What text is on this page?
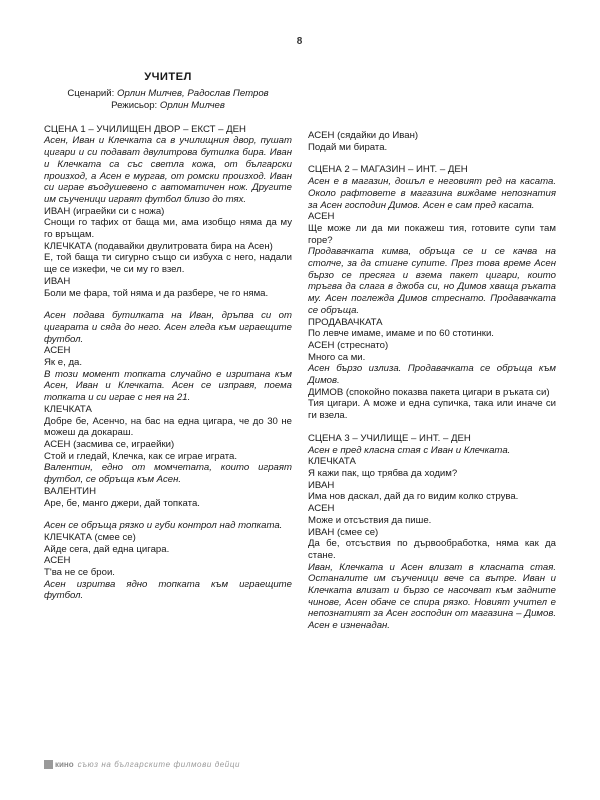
8
УЧИТЕЛ
Сценарий: Орлин Милчев, Радослав Петров
Режисьор: Орлин Милчев

СЦЕНА 1 – УЧИЛИЩЕН ДВОР – ЕКСТ – ДЕН

Асен, Иван и Клечката са в училищния двор, пушат цигари и си подават двулитрова бутилка бира. Иван и Клечката са със светла кожа, от български произход, а Асен е мургав, от ромски произход. Иван си играе въодушевено с автоматичен нож. Другите им съученици играят футбол близо до тях.

ИВАН (играейки си с ножа)

Снощи го тафих от баща ми, ама изобщо няма да му го връщам.

КЛЕЧКАТА (подавайки двулитровата бира на Асен)

Е, той баща ти сигурно също си избуха с него, надали ще се изкефи, че си му го взел.

ИВАН

Боли ме фара, той няма и да разбере, че го няма.

Асен подава бутилката на Иван, дръпва си от цигарата и сяда до него. Асен гледа към играещите футбол.

АСЕН

Як е, да.

В този момент топката случайно е изритана към Асен, Иван и Клечката. Асен се изправя, поема топката и си играе с нея на 21.

КЛЕЧКАТА

Добре бе, Асенчо, на бас на една цигара, че до 30 не можеш да докараш.

АСЕН (засмива се, играейки)

Стой и гледай, Клечка, как се играе играта.

Валентин, едно от момчетата, които играят футбол, се обръща към Асен.

ВАЛЕНТИН

Аре, бе, манго джери, дай топката.

Асен се обръща рязко и губи контрол над топката.

КЛЕЧКАТА (смее се)

Айде сега, дай една цигара.

АСЕН

Т'ва не се брои.

Асен изритва ядно топката към играещите футбол.

АСЕН (сядайки до Иван)

Подай ми бирата.

СЦЕНА 2 – МАГАЗИН – ИНТ. – ДЕН

Асен е в магазин, дошъл е неговият ред на касата. Около рафтовете в магазина виждаме непознатия за Асен господин Димов. Асен е сам пред касата.

АСЕН

Ще може ли да ми покажеш тия, готовите супи там горе?

Продавачката кимва, обръща се и се качва на столче, за да стигне супите. През това време Асен бързо се пресяга и взема пакет цигари, които тръгва да слага в джоба си, но Димов хваща ръката му. Асен поглежда Димов стреснато. Продавачката се обръща.

ПРОДАВАЧКАТА

По левче имаме, имаме и по 60 стотинки.

АСЕН (стреснато)

Много са ми.

Асен бързо излиза. Продавачката се обръща към Димов.

ДИМОВ (спокойно показва пакета цигари в ръката си)

Тия цигари. А може и една супичка, така или иначе си ги взела.

СЦЕНА 3 – УЧИЛИЩЕ – ИНТ. – ДЕН

Асен е пред класна стая с Иван и Клечката.

КЛЕЧКАТА

Я кажи пак, що трябва да ходим?

ИВАН

Има нов даскал, дай да го видим колко струва.

АСЕН

Може и отсъствия да пише.

ИВАН (смее се)

Да бе, отсъствия по дървообработка, няма как да стане.

Иван, Клечката и Асен влизат в класната стая. Останалите им съученици вече са вътре. Иван и Клечката влизат и бързо се насочват към задните чинове, Асен обаче се спира рязко. Новият учител е непознатият за Асен господин от магазина – Димов. Асен е изненадан.

кино съюз на българските филмови дейци
